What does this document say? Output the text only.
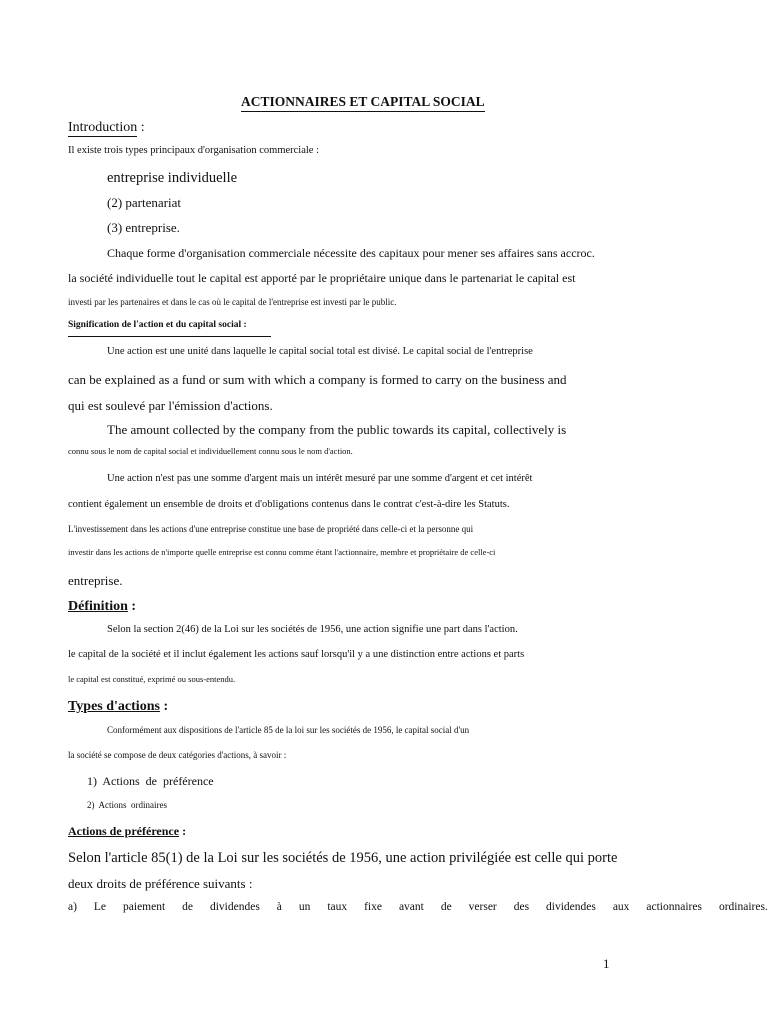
ACTIONNAIRES ET CAPITAL SOCIAL
Introduction :
Il existe trois types principaux d'organisation commerciale :
entreprise individuelle
(2) partenariat
(3) entreprise.
Chaque forme d'organisation commerciale nécessite des capitaux pour mener ses affaires sans accroc.
la société individuelle tout le capital est apporté par le propriétaire unique dans le partenariat le capital est
investi par les partenaires et dans le cas où le capital de l'entreprise est investi par le public.
Signification de l'action et du capital social :
Une action est une unité dans laquelle le capital social total est divisé. Le capital social de l'entreprise
can be explained as a fund or sum with which a company is formed to carry on the business and
qui est soulevé par l'émission d'actions.
The amount collected by the company from the public towards its capital, collectively is
connu sous le nom de capital social et individuellement connu sous le nom d'action.
Une action n'est pas une somme d'argent mais un intérêt mesuré par une somme d'argent et cet intérêt
contient également un ensemble de droits et d'obligations contenus dans le contrat c'est-à-dire les Statuts.
L'investissement dans les actions d'une entreprise constitue une base de propriété dans celle-ci et la personne qui
investir dans les actions de n'importe quelle entreprise est connu comme étant l'actionnaire, membre et propriétaire de celle-ci
entreprise.
Définition :
Selon la section 2(46) de la Loi sur les sociétés de 1956, une action signifie une part dans l'action.
le capital de la société et il inclut également les actions sauf lorsqu'il y a une distinction entre actions et parts
le capital est constitué, exprimé ou sous-entendu.
Types d'actions :
Conformément aux dispositions de l'article 85 de la loi sur les sociétés de 1956, le capital social d'un
la société se compose de deux catégories d'actions, à savoir :
1)  Actions  de  préférence
2)  Actions  ordinaires
Actions de préférence :
Selon l'article 85(1) de la Loi sur les sociétés de 1956, une action privilégiée est celle qui porte
deux droits de préférence suivants :
a) Le paiement de dividendes à un taux fixe avant de verser des dividendes aux actionnaires ordinaires.
1
